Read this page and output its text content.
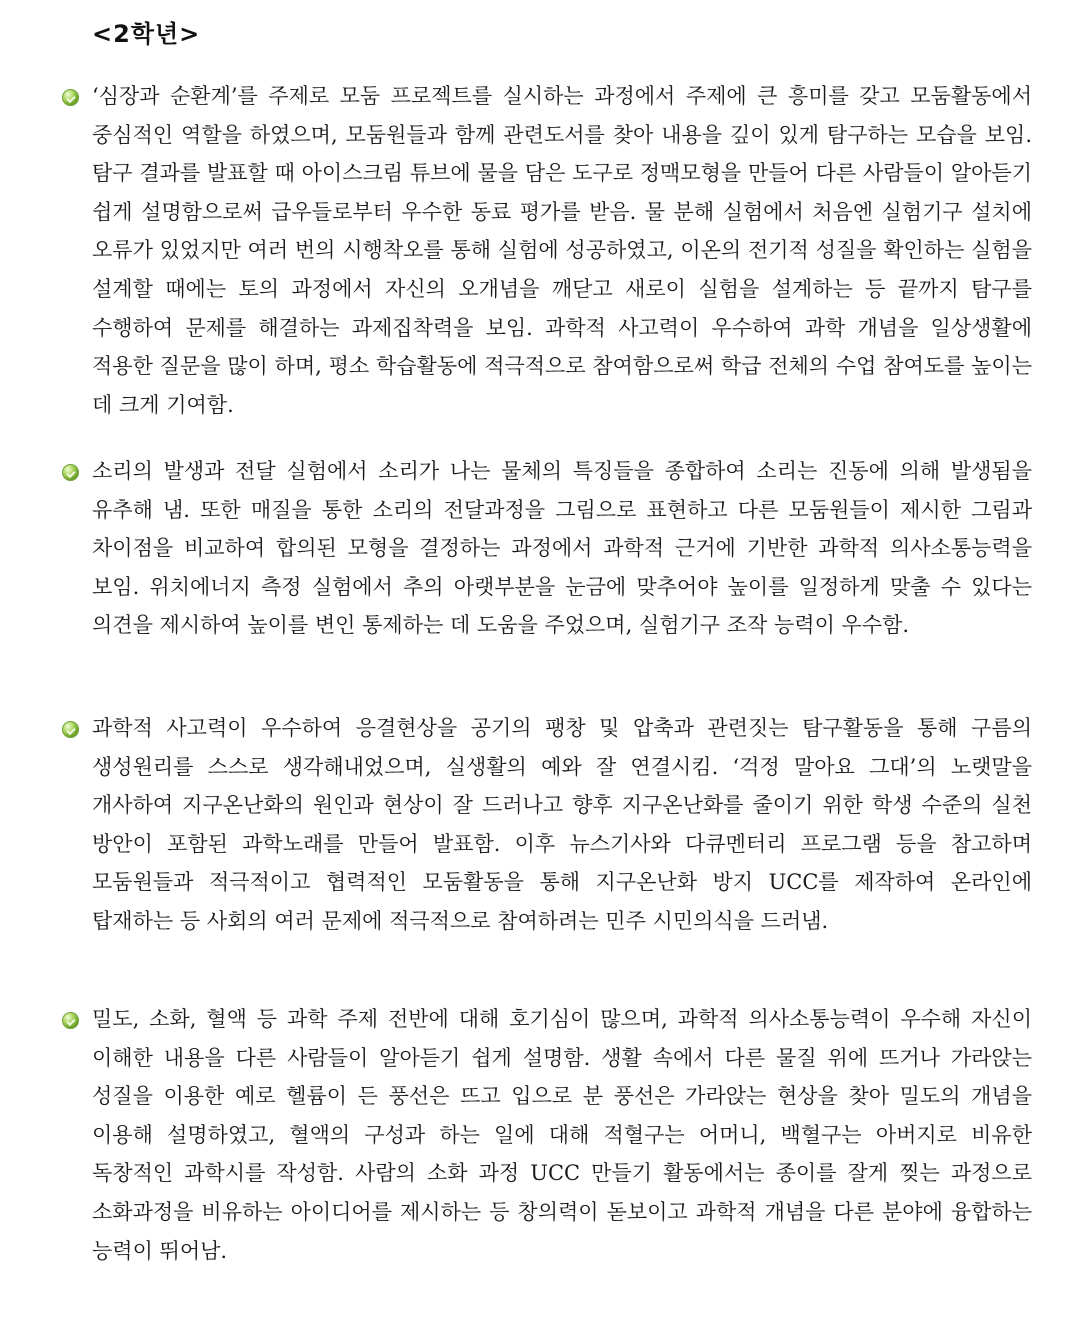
<2학년>

‘심장과 순환계’를 주제로 모둠 프로젝트를 실시하는 과정에서 주제에 큰 흥미를 갖고 모둠활동에서 중심적인 역할을 하였으며, 모둠원들과 함께 관련도서를 찾아 내용을 깊이 있게 탐구하는 모습을 보임. 탐구 결과를 발표할 때 아이스크림 튜브에 물을 담은 도구로 정맥모형을 만들어 다른 사람들이 알아듣기 쉽게 설명함으로써 급우들로부터 우수한 동료 평가를 받음. 물 분해 실험에서 처음엔 실험기구 설치에 오류가 있었지만 여러 번의 시행착오를 통해 실험에 성공하였고, 이온의 전기적 성질을 확인하는 실험을 설계할 때에는 토의 과정에서 자신의 오개념을 깨닫고 새로이 실험을 설계하는 등 끝까지 탐구를 수행하여 문제를 해결하는 과제집착력을 보임. 과학적 사고력이 우수하여 과학 개념을 일상생활에 적용한 질문을 많이 하며, 평소 학습활동에 적극적으로 참여함으로써 학급 전체의 수업 참여도를 높이는 데 크게 기여함.

소리의 발생과 전달 실험에서 소리가 나는 물체의 특징들을 종합하여 소리는 진동에 의해 발생됨을 유추해 냄. 또한 매질을 통한 소리의 전달과정을 그림으로 표현하고 다른 모둠원들이 제시한 그림과 차이점을 비교하여 합의된 모형을 결정하는 과정에서 과학적 근거에 기반한 과학적 의사소통능력을 보임. 위치에너지 측정 실험에서 추의 아랫부분을 눈금에 맞추어야 높이를 일정하게 맞출 수 있다는 의견을 제시하여 높이를 변인 통제하는 데 도움을 주었으며, 실험기구 조작 능력이 우수함.

과학적 사고력이 우수하여 응결현상을 공기의 팽창 및 압축과 관련짓는 탐구활동을 통해 구름의 생성원리를 스스로 생각해내었으며, 실생활의 예와 잘 연결시킴. ‘걱정 말아요 그대’의 노랫말을 개사하여 지구온난화의 원인과 현상이 잘 드러나고 향후 지구온난화를 줄이기 위한 학생 수준의 실천 방안이 포함된 과학노래를 만들어 발표함. 이후 뉴스기사와 다큐멘터리 프로그램 등을 참고하며 모둠원들과 적극적이고 협력적인 모둠활동을 통해 지구온난화 방지 UCC를 제작하여 온라인에 탑재하는 등 사회의 여러 문제에 적극적으로 참여하려는 민주 시민의식을 드러냄.

밀도, 소화, 혈액 등 과학 주제 전반에 대해 호기심이 많으며, 과학적 의사소통능력이 우수해 자신이 이해한 내용을 다른 사람들이 알아듣기 쉽게 설명함. 생활 속에서 다른 물질 위에 뜨거나 가라앉는 성질을 이용한 예로 헬륨이 든 풍선은 뜨고 입으로 분 풍선은 가라앉는 현상을 찾아 밀도의 개념을 이용해 설명하였고, 혈액의 구성과 하는 일에 대해 적혈구는 어머니, 백혈구는 아버지로 비유한 독창적인 과학시를 작성함. 사람의 소화 과정 UCC 만들기 활동에서는 종이를 잘게 찢는 과정으로 소화과정을 비유하는 아이디어를 제시하는 등 창의력이 돋보이고 과학적 개념을 다른 분야에 융합하는 능력이 뛰어남.
